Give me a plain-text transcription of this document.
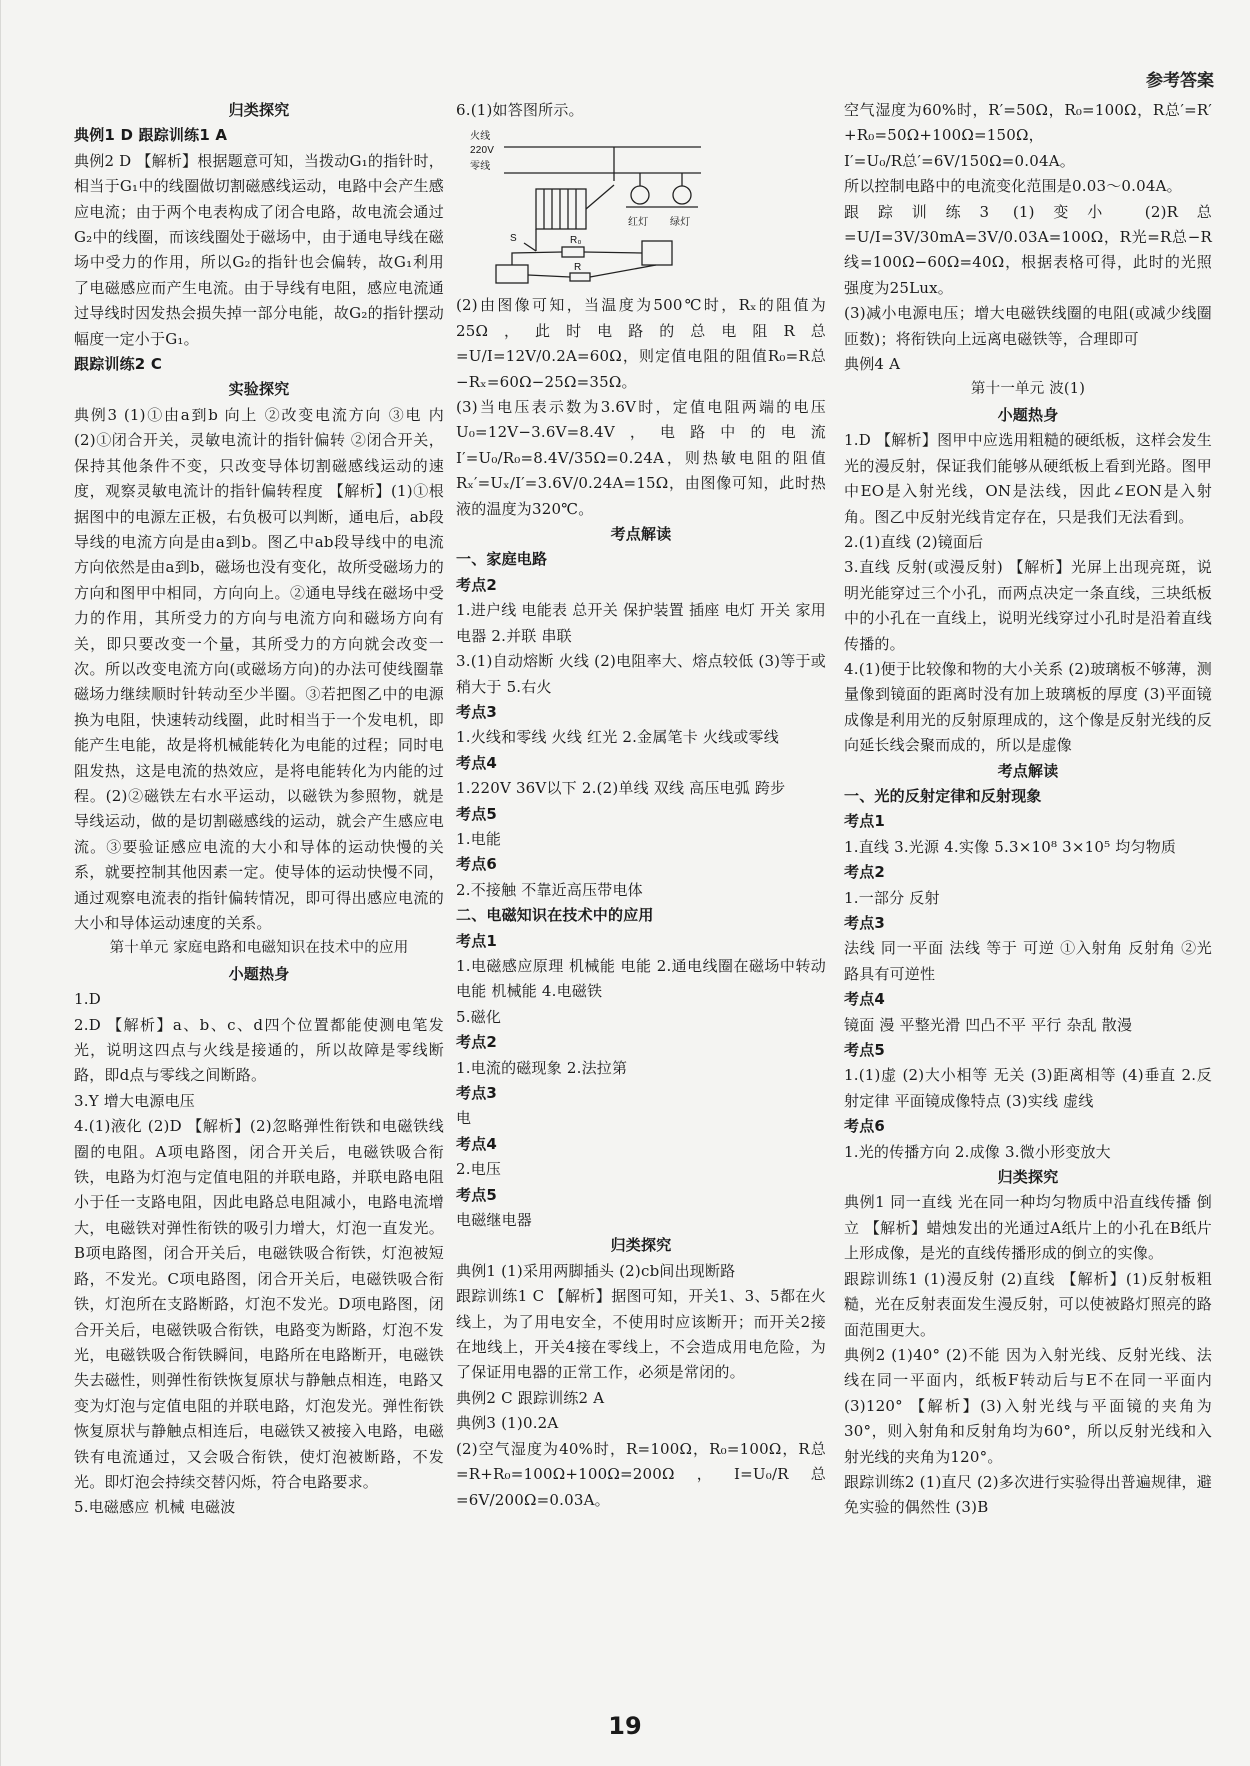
参考答案

归类探究

典例1 D 跟踪训练1 A

典例2 D 【解析】根据题意可知，当拨动G₁的指针时，相当于G₁中的线圈做切割磁感线运动，电路中会产生感应电流；由于两个电表构成了闭合电路，故电流会通过G₂中的线圈，而该线圈处于磁场中，由于通电导线在磁场中受力的作用，所以G₂的指针也会偏转，故G₁利用了电磁感应而产生电流。由于导线有电阻，感应电流通过导线时因发热会损失掉一部分电能，故G₂的指针摆动幅度一定小于G₁。

跟踪训练2 C

实验探究

典例3 (1)①由a到b 向上 ②改变电流方向 ③电 内 (2)①闭合开关，灵敏电流计的指针偏转 ②闭合开关，保持其他条件不变，只改变导体切割磁感线运动的速度，观察灵敏电流计的指针偏转程度 【解析】(1)①根据图中的电源左正极，右负极可以判断，通电后，ab段导线的电流方向是由a到b。图乙中ab段导线中的电流方向依然是由a到b，磁场也没有变化，故所受磁场力的方向和图甲中相同，方向向上。②通电导线在磁场中受力的作用，其所受力的方向与电流方向和磁场方向有关，即只要改变一个量，其所受力的方向就会改变一次。所以改变电流方向(或磁场方向)的办法可使线圈靠磁场力继续顺时针转动至少半圈。③若把图乙中的电源换为电阻，快速转动线圈，此时相当于一个发电机，即能产生电能，故是将机械能转化为电能的过程；同时电阻发热，这是电流的热效应，是将电能转化为内能的过程。(2)②磁铁左右水平运动，以磁铁为参照物，就是导线运动，做的是切割磁感线的运动，就会产生感应电流。③要验证感应电流的大小和导体的运动快慢的关系，就要控制其他因素一定。使导体的运动快慢不同，通过观察电流表的指针偏转情况，即可得出感应电流的大小和导体运动速度的关系。

第十单元 家庭电路和电磁知识在技术中的应用

小题热身

1.D

2.D 【解析】a、b、c、d四个位置都能使测电笔发光，说明这四点与火线是接通的，所以故障是零线断路，即d点与零线之间断路。

3.Y 增大电源电压

4.(1)液化 (2)D 【解析】(2)忽略弹性衔铁和电磁铁线圈的电阻。A项电路图，闭合开关后，电磁铁吸合衔铁，电路为灯泡与定值电阻的并联电路，并联电路电阻小于任一支路电阻，因此电路总电阻减小，电路电流增大，电磁铁对弹性衔铁的吸引力增大，灯泡一直发光。B项电路图，闭合开关后，电磁铁吸合衔铁，灯泡被短路，不发光。C项电路图，闭合开关后，电磁铁吸合衔铁，灯泡所在支路断路，灯泡不发光。D项电路图，闭合开关后，电磁铁吸合衔铁，电路变为断路，灯泡不发光，电磁铁吸合衔铁瞬间，电路所在电路断开，电磁铁失去磁性，则弹性衔铁恢复原状与静触点相连，电路又变为灯泡与定值电阻的并联电路，灯泡发光。弹性衔铁恢复原状与静触点相连后，电磁铁又被接入电路，电磁铁有电流通过，又会吸合衔铁，使灯泡被断路，不发光。即灯泡会持续交替闪烁，符合电路要求。

5.电磁感应 机械 电磁波

6.(1)如答图所示。

火线
220V
零线
红灯 绿灯
S	R₀
R

(2)由图像可知，当温度为500℃时，Rₓ的阻值为25Ω，此时电路的总电阻R总=U/I=12V/0.2A=60Ω，则定值电阻的阻值R₀=R总−Rₓ=60Ω−25Ω=35Ω。

(3)当电压表示数为3.6V时，定值电阻两端的电压U₀=12V−3.6V=8.4V，电路中的电流I′=U₀/R₀=8.4V/35Ω=0.24A，则热敏电阻的阻值Rₓ′=Uₓ/I′=3.6V/0.24A=15Ω，由图像可知，此时热液的温度为320℃。

考点解读

一、家庭电路

考点2

1.进户线 电能表 总开关 保护装置 插座 电灯 开关 家用电器 2.并联 串联

3.(1)自动熔断 火线 (2)电阻率大、熔点较低 (3)等于或稍大于 5.右火

考点3

1.火线和零线 火线 红光 2.金属笔卡 火线或零线

考点4

1.220V 36V以下 2.(2)单线 双线 高压电弧 跨步

考点5

1.电能

考点6

2.不接触 不靠近高压带电体

二、电磁知识在技术中的应用

考点1

1.电磁感应原理 机械能 电能 2.通电线圈在磁场中转动 电能 机械能 4.电磁铁

5.磁化

考点2

1.电流的磁现象 2.法拉第

考点3

电

考点4

2.电压

考点5

电磁继电器

归类探究

典例1 (1)采用两脚插头 (2)cb间出现断路

跟踪训练1 C 【解析】据图可知，开关1、3、5都在火线上，为了用电安全，不使用时应该断开；而开关2接在地线上，开关4接在零线上，不会造成用电危险，为了保证用电器的正常工作，必须是常闭的。

典例2 C 跟踪训练2 A

典例3 (1)0.2A

(2)空气湿度为40%时，R=100Ω，R₀=100Ω，R总=R+R₀=100Ω+100Ω=200Ω，I=U₀/R总=6V/200Ω=0.03A。

空气湿度为60%时，R′=50Ω，R₀=100Ω，R总′=R′+R₀=50Ω+100Ω=150Ω，

I′=U₀/R总′=6V/150Ω=0.04A。

所以控制电路中的电流变化范围是0.03～0.04A。

跟踪训练3 (1)变小 (2)R总=U/I=3V/30mA=3V/0.03A=100Ω，R光=R总−R线=100Ω−60Ω=40Ω，根据表格可得，此时的光照强度为25Lux。

(3)减小电源电压；增大电磁铁线圈的电阻(或减少线圈匝数)；将衔铁向上远离电磁铁等，合理即可

典例4 A

第十一单元 波(1)

小题热身

1.D 【解析】图甲中应选用粗糙的硬纸板，这样会发生光的漫反射，保证我们能够从硬纸板上看到光路。图甲中EO是入射光线，ON是法线，因此∠EON是入射角。图乙中反射光线肯定存在，只是我们无法看到。

2.(1)直线 (2)镜面后

3.直线 反射(或漫反射) 【解析】光屏上出现亮斑，说明光能穿过三个小孔，而两点决定一条直线，三块纸板中的小孔在一直线上，说明光线穿过小孔时是沿着直线传播的。

4.(1)便于比较像和物的大小关系 (2)玻璃板不够薄，测量像到镜面的距离时没有加上玻璃板的厚度 (3)平面镜成像是利用光的反射原理成的，这个像是反射光线的反向延长线会聚而成的，所以是虚像

考点解读

一、光的反射定律和反射现象

考点1

1.直线 3.光源 4.实像 5.3×10⁸ 3×10⁵ 均匀物质

考点2

1.一部分 反射

考点3

法线 同一平面 法线 等于 可逆 ①入射角 反射角 ②光路具有可逆性

考点4

镜面 漫 平整光滑 凹凸不平 平行 杂乱 散漫

考点5

1.(1)虚 (2)大小相等 无关 (3)距离相等 (4)垂直 2.反射定律 平面镜成像特点 (3)实线 虚线

考点6

1.光的传播方向 2.成像 3.微小形变放大

归类探究

典例1 同一直线 光在同一种均匀物质中沿直线传播 倒立 【解析】蜡烛发出的光通过A纸片上的小孔在B纸片上形成像，是光的直线传播形成的倒立的实像。

跟踪训练1 (1)漫反射 (2)直线 【解析】(1)反射板粗糙，光在反射表面发生漫反射，可以使被路灯照亮的路面范围更大。

典例2 (1)40° (2)不能 因为入射光线、反射光线、法线在同一平面内，纸板F转动后与E不在同一平面内 (3)120° 【解析】(3)入射光线与平面镜的夹角为30°，则入射角和反射角均为60°，所以反射光线和入射光线的夹角为120°。

跟踪训练2 (1)直尺 (2)多次进行实验得出普遍规律，避免实验的偶然性 (3)B

19
